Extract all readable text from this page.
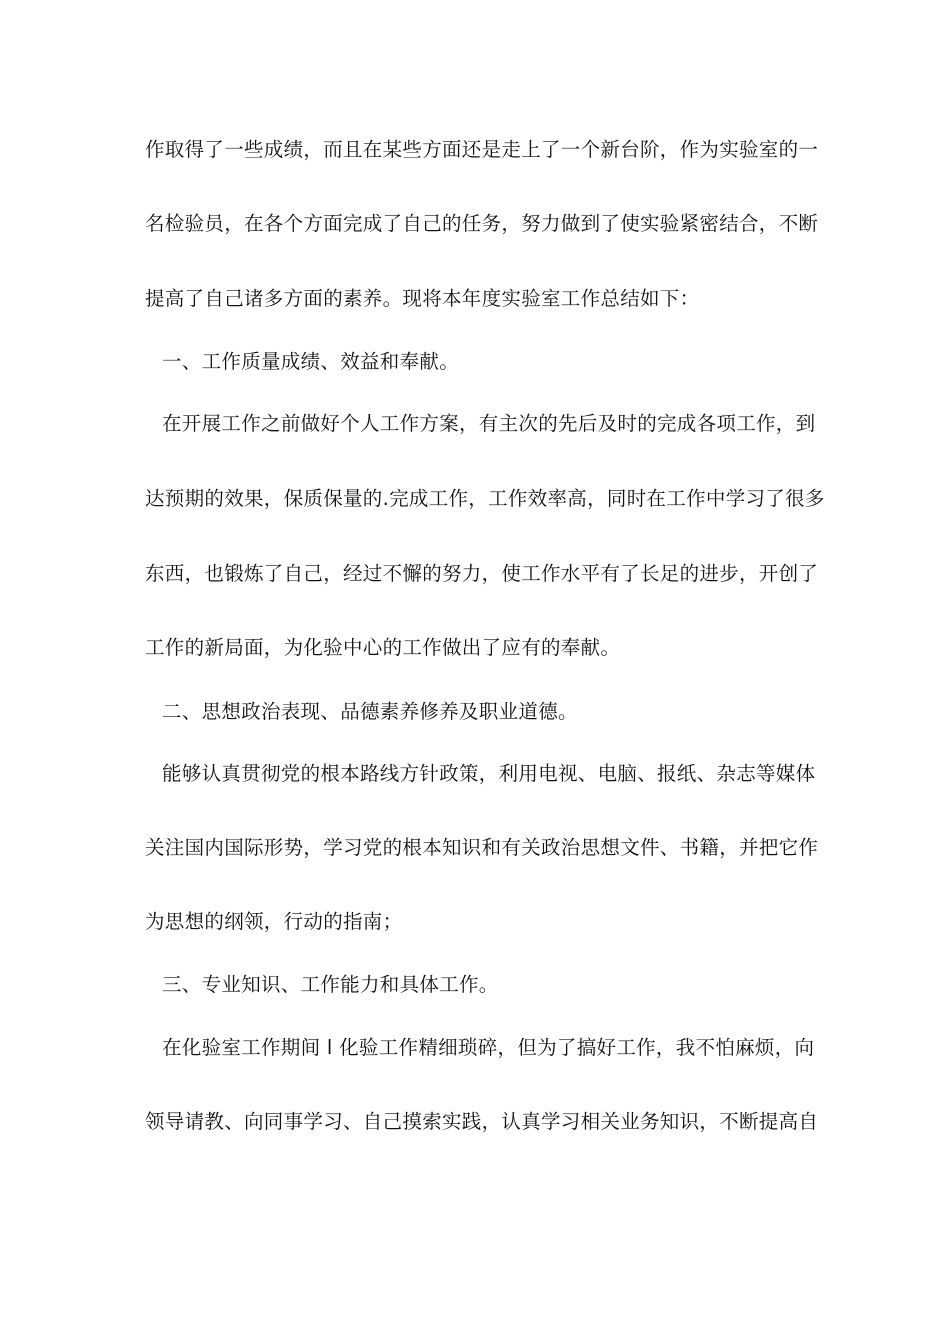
作取得了一些成绩，而且在某些方面还是走上了一个新台阶，作为实验室的一
名检验员，在各个方面完成了自己的任务，努力做到了使实验紧密结合，不断
提高了自己诸多方面的素养。现将本年度实验室工作总结如下：
一、工作质量成绩、效益和奉献。
在开展工作之前做好个人工作方案，有主次的先后及时的完成各项工作，到
达预期的效果，保质保量的.完成工作，工作效率高，同时在工作中学习了很多
东西，也锻炼了自己，经过不懈的努力，使工作水平有了长足的进步，开创了
工作的新局面，为化验中心的工作做出了应有的奉献。
二、思想政治表现、品德素养修养及职业道德。
能够认真贯彻党的根本路线方针政策，利用电视、电脑、报纸、杂志等媒体
关注国内国际形势，学习党的根本知识和有关政治思想文件、书籍，并把它作
为思想的纲领，行动的指南；
三、专业知识、工作能力和具体工作。
在化验室工作期间 l 化验工作精细琐碎，但为了搞好工作，我不怕麻烦，向
领导请教、向同事学习、自己摸索实践，认真学习相关业务知识，不断提高自
